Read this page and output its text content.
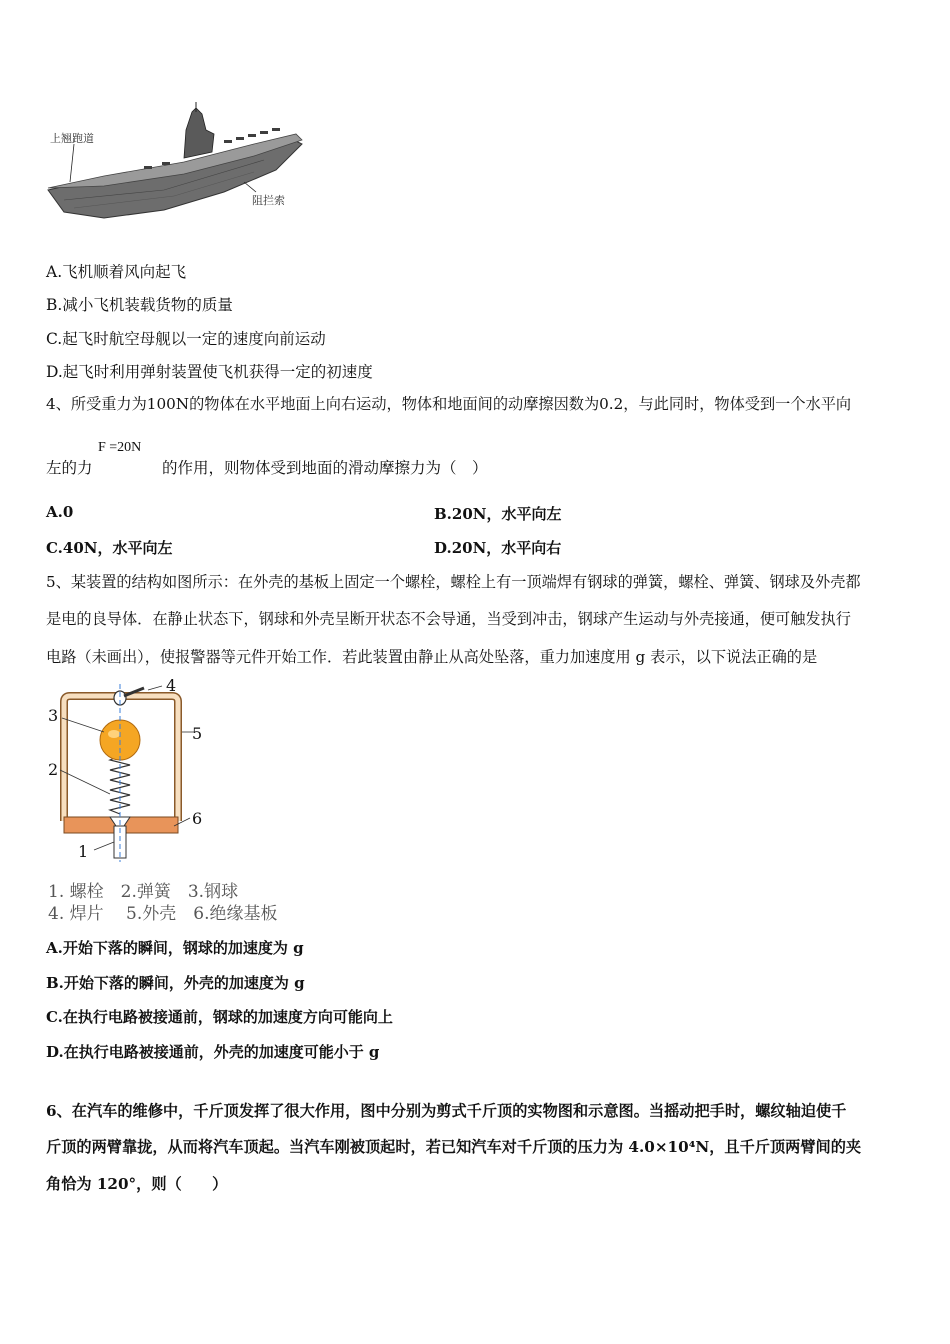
上翘跑道
阻拦索
A.飞机顺着风向起飞
B.减小飞机装载货物的质量
C.起飞时航空母舰以一定的速度向前运动
D.起飞时利用弹射装置使飞机获得一定的初速度
4、所受重力为100N的物体在水平地面上向右运动，物体和地面间的动摩擦因数为0.2，与此同时，物体受到一个水平向
左的力
F =20N
的作用，则物体受到地面的滑动摩擦力为（　）
A.0	B.20N，水平向左
C.40N，水平向左	D.20N，水平向右
5、某装置的结构如图所示：在外壳的基板上固定一个螺栓，螺栓上有一顶端焊有钢球的弹簧，螺栓、弹簧、钢球及外壳都
是电的良导体．在静止状态下，钢球和外壳呈断开状态不会导通，当受到冲击，钢球产生运动与外壳接通，便可触发执行
电路（未画出），使报警器等元件开始工作．若此装置由静止从高处坠落，重力加速度用 g 表示，以下说法正确的是
4
3
5
2
6
1
1. 螺栓　2.弹簧　3.钢球
4. 焊片　 5.外壳　6.绝缘基板
A.开始下落的瞬间，钢球的加速度为 g
B.开始下落的瞬间，外壳的加速度为 g
C.在执行电路被接通前，钢球的加速度方向可能向上
D.在执行电路被接通前，外壳的加速度可能小于 g
6、在汽车的维修中，千斤顶发挥了很大作用，图中分别为剪式千斤顶的实物图和示意图。当摇动把手时，螺纹轴迫使千
斤顶的两臂靠拢，从而将汽车顶起。当汽车刚被顶起时，若已知汽车对千斤顶的压力为 4.0×10⁴N，且千斤顶两臂间的夹
角恰为 120°，则（　　）
